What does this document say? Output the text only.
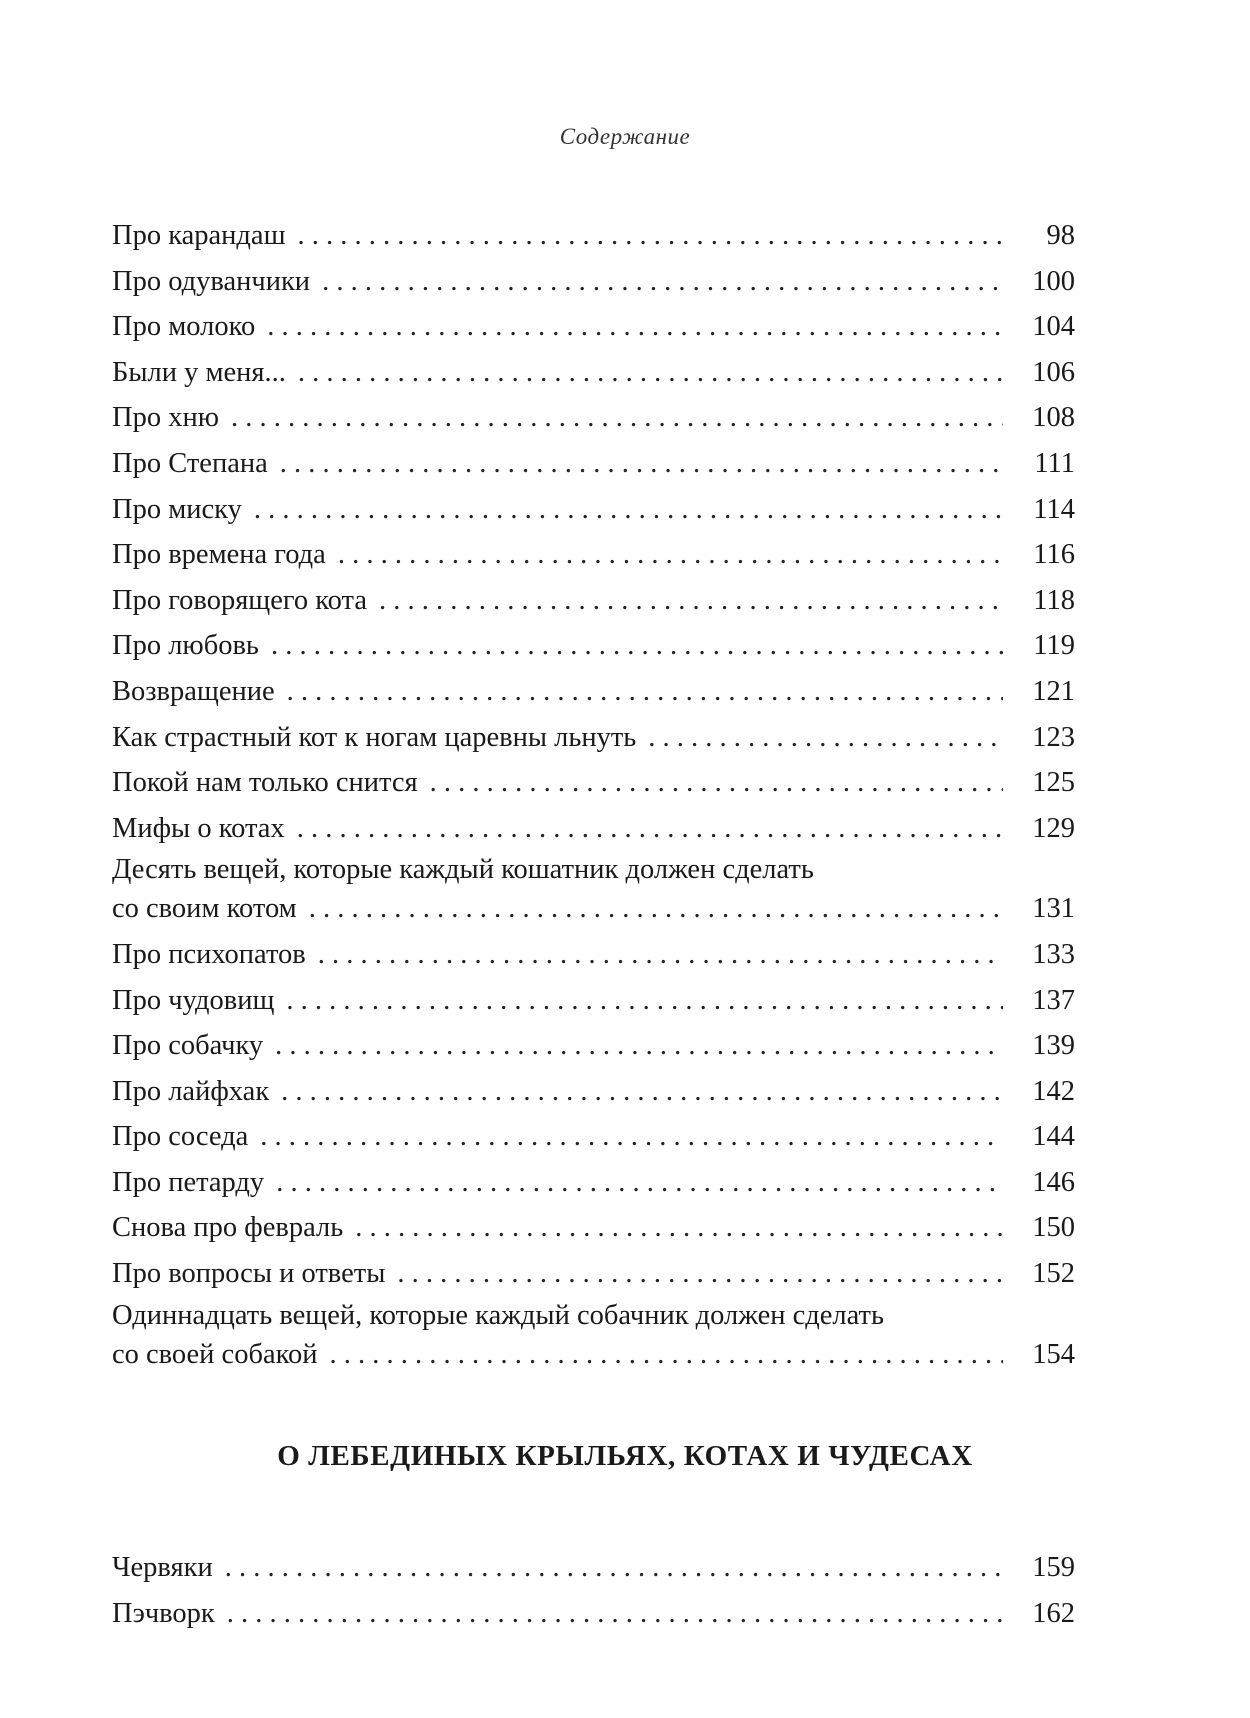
Содержание
Про карандаш . . .	98
Про одуванчики . . .	100
Про молоко . . .	104
Были у меня... . . .	106
Про хню . . .	108
Про Степана . . .	111
Про миску . . .	114
Про времена года . . .	116
Про говорящего кота . . .	118
Про любовь . . .	119
Возвращение . . .	121
Как страстный кот к ногам царевны льнуть . . .	123
Покой нам только снится . . .	125
Мифы о котах . . .	129
Десять вещей, которые каждый кошатник должен сделать
со своим котом . . .	131
Про психопатов . . .	133
Про чудовищ . . .	137
Про собачку . . .	139
Про лайфхак . . .	142
Про соседа . . .	144
Про петарду . . .	146
Снова про февраль . . .	150
Про вопросы и ответы . . .	152
Одиннадцать вещей, которые каждый собачник должен сделать
со своей собакой . . .	154
О ЛЕБЕДИНЫХ КРЫЛЬЯХ, КОТАХ И ЧУДЕСАХ
Червяки . . .	159
Пэчворк . . .	162
